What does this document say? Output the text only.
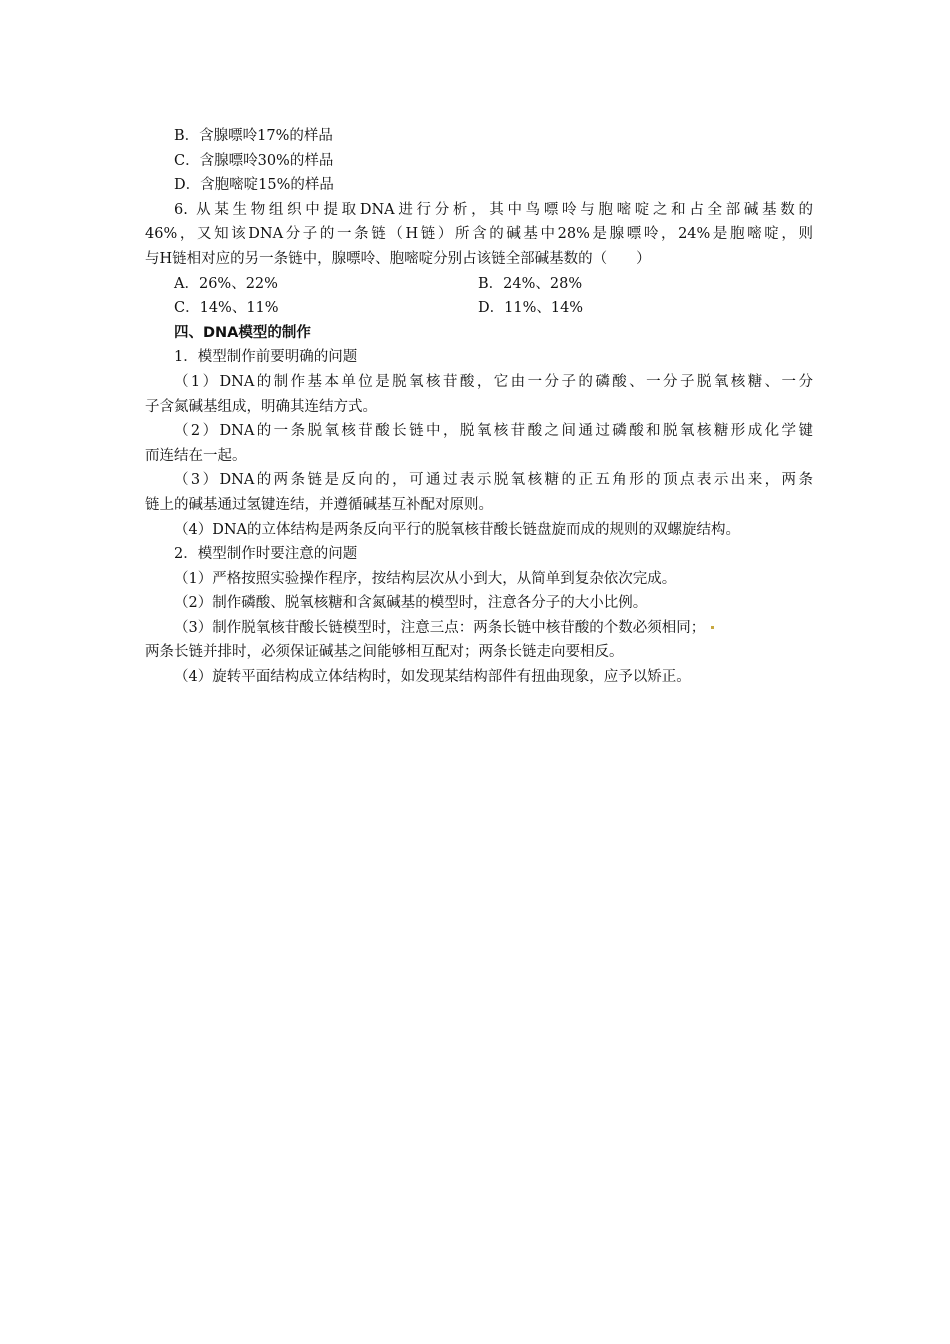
B．含腺嘌呤17%的样品
C．含腺嘌呤30%的样品
D．含胞嘧啶15%的样品
6. 从某生物组织中提取DNA进行分析，其中鸟嘌呤与胞嘧啶之和占全部碱基数的
46%，又知该DNA分子的一条链（H链）所含的碱基中28%是腺嘌呤，24%是胞嘧啶，则
与H链相对应的另一条链中，腺嘌呤、胞嘧啶分别占该链全部碱基数的（　　）
A．26%、22%	B．24%、28%
C．14%、11%	D．11%、14%
四、DNA模型的制作
1．模型制作前要明确的问题
（1）DNA的制作基本单位是脱氧核苷酸，它由一分子的磷酸、一分子脱氧核糖、一分
子含氮碱基组成，明确其连结方式。
（2）DNA的一条脱氧核苷酸长链中，脱氧核苷酸之间通过磷酸和脱氧核糖形成化学键
而连结在一起。
（3）DNA的两条链是反向的，可通过表示脱氧核糖的正五角形的顶点表示出来，两条
链上的碱基通过氢键连结，并遵循碱基互补配对原则。
（4）DNA的立体结构是两条反向平行的脱氧核苷酸长链盘旋而成的规则的双螺旋结构。
2．模型制作时要注意的问题
（1）严格按照实验操作程序，按结构层次从小到大，从简单到复杂依次完成。
（2）制作磷酸、脱氧核糖和含氮碱基的模型时，注意各分子的大小比例。
（3）制作脱氧核苷酸长链模型时，注意三点：两条长链中核苷酸的个数必须相同；
两条长链并排时，必须保证碱基之间能够相互配对；两条长链走向要相反。
（4）旋转平面结构成立体结构时，如发现某结构部件有扭曲现象，应予以矫正。
